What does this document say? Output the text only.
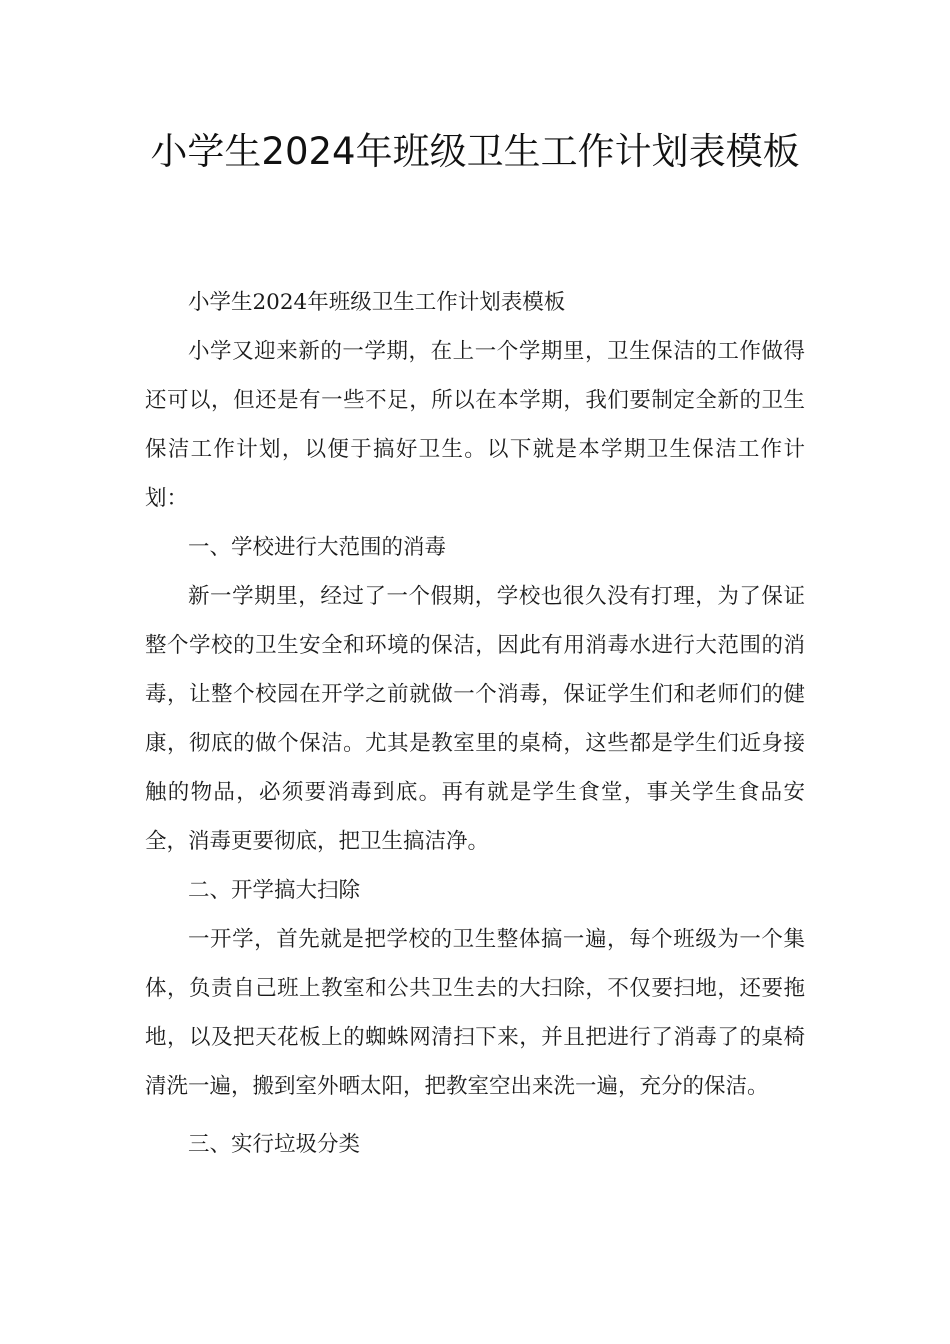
小学生2024年班级卫生工作计划表模板

小学生2024年班级卫生工作计划表模板

小学又迎来新的一学期，在上一个学期里，卫生保洁的工作做得还可以，但还是有一些不足，所以在本学期，我们要制定全新的卫生保洁工作计划，以便于搞好卫生。以下就是本学期卫生保洁工作计划：

一、学校进行大范围的消毒

新一学期里，经过了一个假期，学校也很久没有打理，为了保证整个学校的卫生安全和环境的保洁，因此有用消毒水进行大范围的消毒，让整个校园在开学之前就做一个消毒，保证学生们和老师们的健康，彻底的做个保洁。尤其是教室里的桌椅，这些都是学生们近身接触的物品，必须要消毒到底。再有就是学生食堂，事关学生食品安全，消毒更要彻底，把卫生搞洁净。

二、开学搞大扫除

一开学，首先就是把学校的卫生整体搞一遍，每个班级为一个集体，负责自己班上教室和公共卫生去的大扫除，不仅要扫地，还要拖地，以及把天花板上的蜘蛛网清扫下来，并且把进行了消毒了的桌椅清洗一遍，搬到室外晒太阳，把教室空出来洗一遍，充分的保洁。

三、实行垃圾分类
